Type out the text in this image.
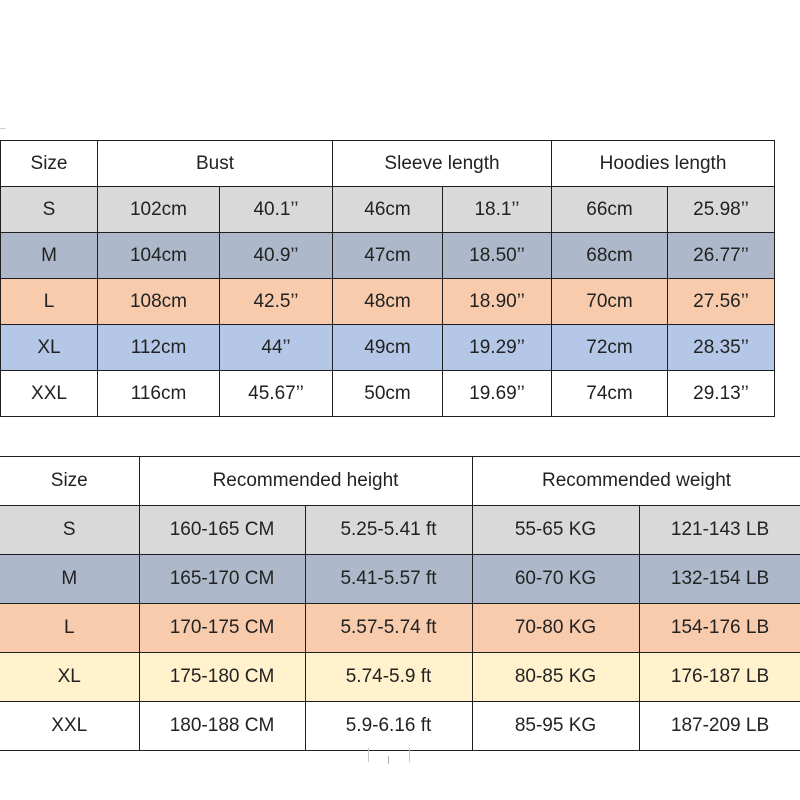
Size	Bust		Sleeve length		Hoodies length	
S	102cm	40.1’’	46cm	18.1’’	66cm	25.98’’
M	104cm	40.9’’	47cm	18.50’’	68cm	26.77’’
L	108cm	42.5’’	48cm	18.90’’	70cm	27.56’’
XL	112cm	44’’	49cm	19.29’’	72cm	28.35’’
XXL	116cm	45.67’’	50cm	19.69’’	74cm	29.13’’
Size	Recommended height		Recommended weight	
S	160-165 CM	5.25-5.41 ft	55-65 KG	121-143 LB
M	165-170 CM	5.41-5.57 ft	60-70 KG	132-154 LB
L	170-175 CM	5.57-5.74 ft	70-80 KG	154-176 LB
XL	175-180 CM	5.74-5.9 ft	80-85 KG	176-187 LB
XXL	180-188 CM	5.9-6.16 ft	85-95 KG	187-209 LB
